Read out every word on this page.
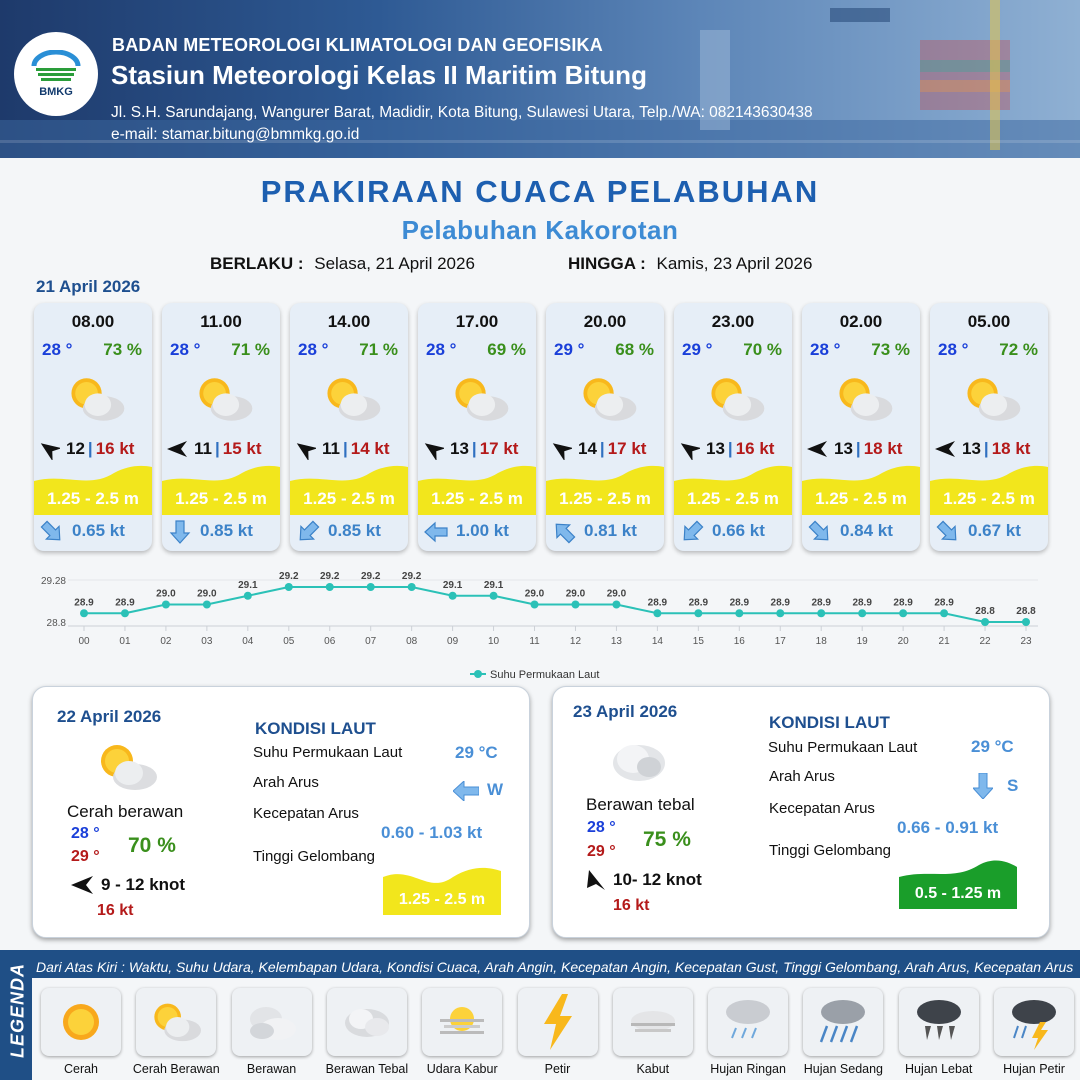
BMKG
BADAN METEOROLOGI KLIMATOLOGI DAN GEOFISIKA
Stasiun Meteorologi Kelas II Maritim Bitung
Jl. S.H. Sarundajang, Wangurer Barat, Madidir, Kota Bitung, Sulawesi Utara, Telp./WA: 082143630438
e-mail: stamar.bitung@bmmkg.go.id
PRAKIRAAN CUACA PELABUHAN
Pelabuhan Kakorotan
BERLAKU : Selasa, 21 April 2026	HINGGA : Kamis, 23 April 2026
21 April 2026
08.00
28 ° 73 %
12 | 16 kt
1.25 - 2.5 m
0.65 kt
11.00
28 ° 71 %
11 | 15 kt
1.25 - 2.5 m
0.85 kt
14.00
28 ° 71 %
11 | 14 kt
1.25 - 2.5 m
0.85 kt
17.00
28 ° 69 %
13 | 17 kt
1.25 - 2.5 m
1.00 kt
20.00
29 ° 68 %
14 | 17 kt
1.25 - 2.5 m
0.81 kt
23.00
29 ° 70 %
13 | 16 kt
1.25 - 2.5 m
0.66 kt
02.00
28 ° 73 %
13 | 18 kt
1.25 - 2.5 m
0.84 kt
05.00
28 ° 72 %
13 | 18 kt
1.25 - 2.5 m
0.67 kt
29.28
28.8
28.9
00
28.9
01
29.0
02
29.0
03
29.1
04
29.2
05
29.2
06
29.2
07
29.2
08
29.1
09
29.1
10
29.0
11
29.0
12
29.0
13
28.9
14
28.9
15
28.9
16
28.9
17
28.9
18
28.9
19
28.9
20
28.9
21
28.8
22
28.8
23
Suhu Permukaan Laut
22 April 2026
Cerah berawan
28 °
29 ° 70 %
9 - 12 knot
16 kt
KONDISI LAUT
Suhu Permukaan Laut	29 °C
Arah Arus	W
Kecepatan Arus
0.60 - 1.03 kt
Tinggi Gelombang
1.25 - 2.5 m
23 April 2026
Berawan tebal
28 °
29 °
75 %
10- 12 knot
16 kt
KONDISI LAUT
Suhu Permukaan Laut	29 °C
Arah Arus	S
Kecepatan Arus
0.66 - 0.91 kt
Tinggi Gelombang
0.5 - 1.25 m
LEGENDA Dari Atas Kiri : Waktu, Suhu Udara, Kelembapan Udara, Kondisi Cuaca, Arah Angin, Kecepatan Angin, Kecepatan Gust, Tinggi Gelombang, Arah Arus, Kecepatan Arus
Cerah	Cerah Berawan	Berawan	Berawan Tebal	Udara Kabur	Petir	Kabut	Hujan Ringan	Hujan Sedang	Hujan Lebat	Hujan Petir
